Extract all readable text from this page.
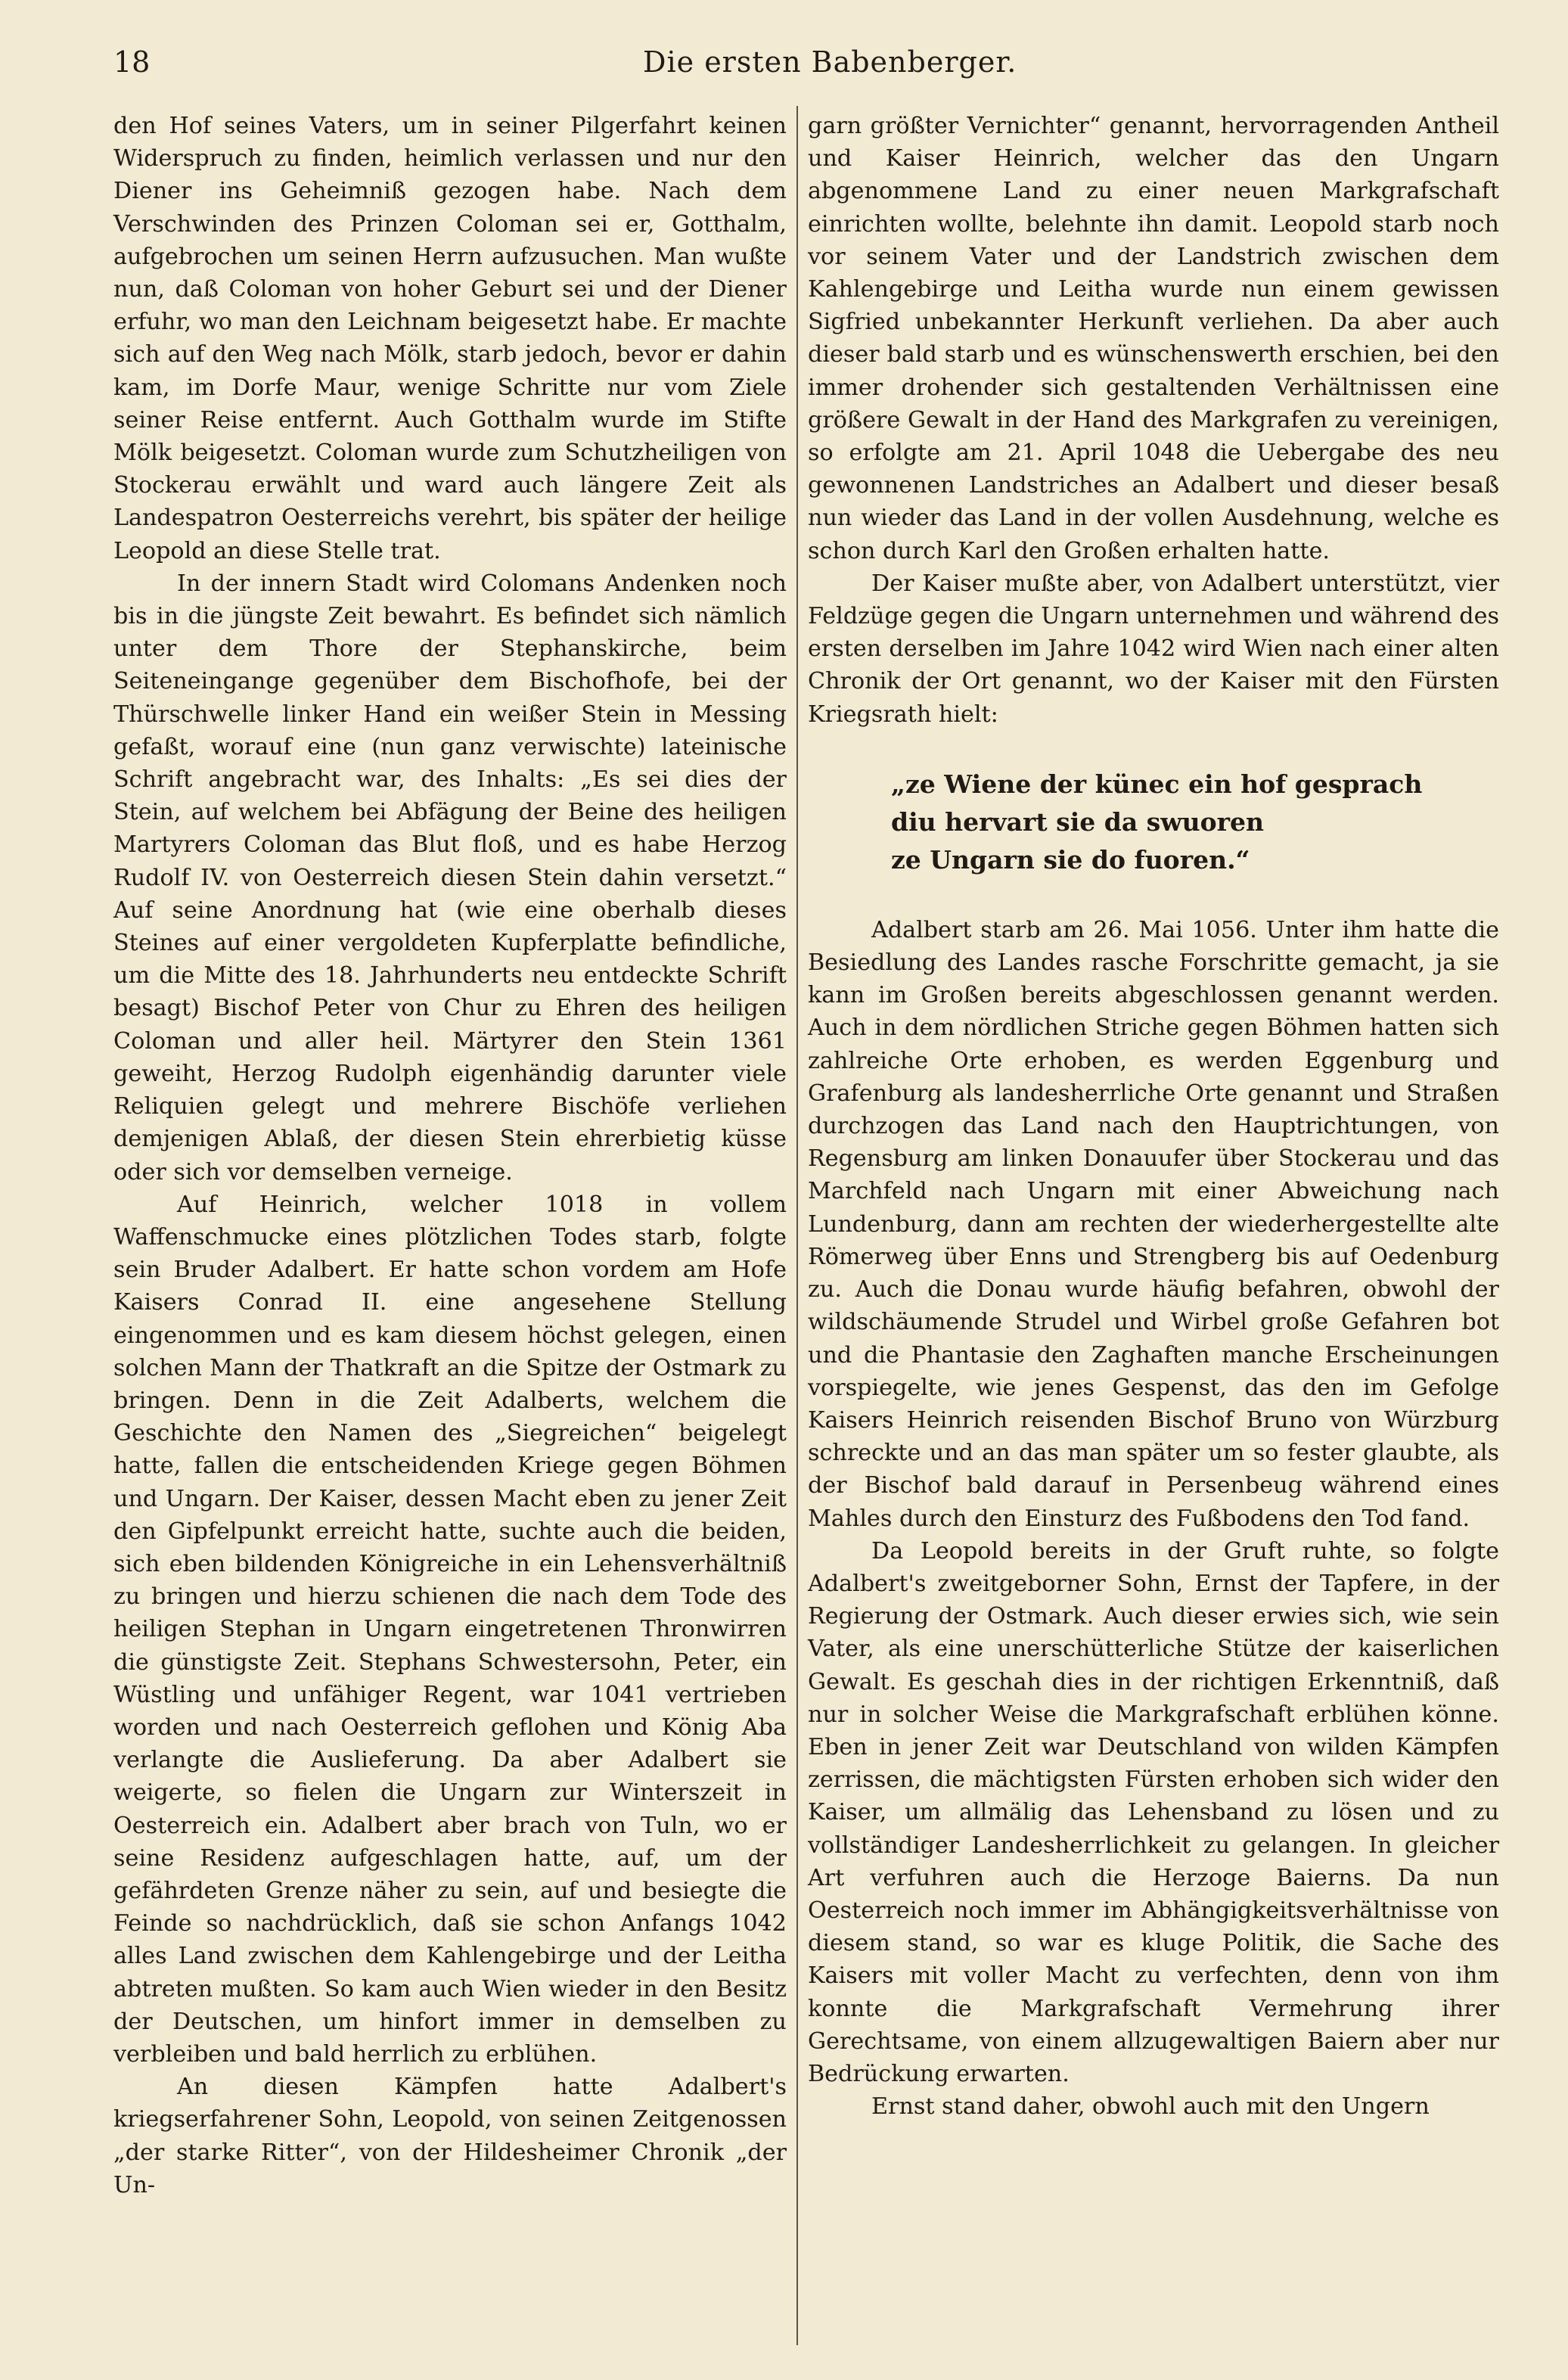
18	Die ersten Babenberger.

den Hof seines Vaters, um in seiner Pilgerfahrt keinen Widerspruch zu finden, heimlich verlassen und nur den Diener ins Geheimniß gezogen habe. Nach dem Verschwinden des Prinzen Coloman sei er, Gotthalm, aufgebrochen um seinen Herrn aufzusuchen. Man wußte nun, daß Coloman von hoher Geburt sei und der Diener erfuhr, wo man den Leichnam beigesetzt habe. Er machte sich auf den Weg nach Mölk, starb jedoch, bevor er dahin kam, im Dorfe Maur, wenige Schritte nur vom Ziele seiner Reise entfernt. Auch Gotthalm wurde im Stifte Mölk beigesetzt. Coloman wurde zum Schutzheiligen von Stockerau erwählt und ward auch längere Zeit als Landespatron Oesterreichs verehrt, bis später der heilige Leopold an diese Stelle trat.

In der innern Stadt wird Colomans Andenken noch bis in die jüngste Zeit bewahrt. Es befindet sich nämlich unter dem Thore der Stephanskirche, beim Seiteneingange gegenüber dem Bischofhofe, bei der Thürschwelle linker Hand ein weißer Stein in Messing gefaßt, worauf eine (nun ganz verwischte) lateinische Schrift angebracht war, des Inhalts: „Es sei dies der Stein, auf welchem bei Abfägung der Beine des heiligen Martyrers Coloman das Blut floß, und es habe Herzog Rudolf IV. von Oesterreich diesen Stein dahin versetzt.“ Auf seine Anordnung hat (wie eine oberhalb dieses Steines auf einer vergoldeten Kupferplatte befindliche, um die Mitte des 18. Jahrhunderts neu entdeckte Schrift besagt) Bischof Peter von Chur zu Ehren des heiligen Coloman und aller heil. Märtyrer den Stein 1361 geweiht, Herzog Rudolph eigenhändig darunter viele Reliquien gelegt und mehrere Bischöfe verliehen demjenigen Ablaß, der diesen Stein ehrerbietig küsse oder sich vor demselben verneige.

Auf Heinrich, welcher 1018 in vollem Waffenschmucke eines plötzlichen Todes starb, folgte sein Bruder Adalbert. Er hatte schon vordem am Hofe Kaisers Conrad II. eine angesehene Stellung eingenommen und es kam diesem höchst gelegen, einen solchen Mann der Thatkraft an die Spitze der Ostmark zu bringen. Denn in die Zeit Adalberts, welchem die Geschichte den Namen des „Siegreichen“ beigelegt hatte, fallen die entscheidenden Kriege gegen Böhmen und Ungarn. Der Kaiser, dessen Macht eben zu jener Zeit den Gipfelpunkt erreicht hatte, suchte auch die beiden, sich eben bildenden Königreiche in ein Lehensverhältniß zu bringen und hierzu schienen die nach dem Tode des heiligen Stephan in Ungarn eingetretenen Thronwirren die günstigste Zeit. Stephans Schwestersohn, Peter, ein Wüstling und unfähiger Regent, war 1041 vertrieben worden und nach Oesterreich geflohen und König Aba verlangte die Auslieferung. Da aber Adalbert sie weigerte, so fielen die Ungarn zur Winterszeit in Oesterreich ein. Adalbert aber brach von Tuln, wo er seine Residenz aufgeschlagen hatte, auf, um der gefährdeten Grenze näher zu sein, auf und besiegte die Feinde so nachdrücklich, daß sie schon Anfangs 1042 alles Land zwischen dem Kahlengebirge und der Leitha abtreten mußten. So kam auch Wien wieder in den Besitz der Deutschen, um hinfort immer in demselben zu verbleiben und bald herrlich zu erblühen.

An diesen Kämpfen hatte Adalbert's kriegserfahrener Sohn, Leopold, von seinen Zeitgenossen „der starke Ritter“, von der Hildesheimer Chronik „der Un-

garn größter Vernichter“ genannt, hervorragenden Antheil und Kaiser Heinrich, welcher das den Ungarn abgenommene Land zu einer neuen Markgrafschaft einrichten wollte, belehnte ihn damit. Leopold starb noch vor seinem Vater und der Landstrich zwischen dem Kahlengebirge und Leitha wurde nun einem gewissen Sigfried unbekannter Herkunft verliehen. Da aber auch dieser bald starb und es wünschenswerth erschien, bei den immer drohender sich gestaltenden Verhältnissen eine größere Gewalt in der Hand des Markgrafen zu vereinigen, so erfolgte am 21. April 1048 die Uebergabe des neu gewonnenen Landstriches an Adalbert und dieser besaß nun wieder das Land in der vollen Ausdehnung, welche es schon durch Karl den Großen erhalten hatte.

Der Kaiser mußte aber, von Adalbert unterstützt, vier Feldzüge gegen die Ungarn unternehmen und während des ersten derselben im Jahre 1042 wird Wien nach einer alten Chronik der Ort genannt, wo der Kaiser mit den Fürsten Kriegsrath hielt:

„ze Wiene der künec ein hof gesprach
diu hervart sie da swuoren
ze Ungarn sie do fuoren.“

Adalbert starb am 26. Mai 1056. Unter ihm hatte die Besiedlung des Landes rasche Forschritte gemacht, ja sie kann im Großen bereits abgeschlossen genannt werden. Auch in dem nördlichen Striche gegen Böhmen hatten sich zahlreiche Orte erhoben, es werden Eggenburg und Grafenburg als landesherrliche Orte genannt und Straßen durchzogen das Land nach den Hauptrichtungen, von Regensburg am linken Donauufer über Stockerau und das Marchfeld nach Ungarn mit einer Abweichung nach Lundenburg, dann am rechten der wiederhergestellte alte Römerweg über Enns und Strengberg bis auf Oedenburg zu. Auch die Donau wurde häufig befahren, obwohl der wildschäumende Strudel und Wirbel große Gefahren bot und die Phantasie den Zaghaften manche Erscheinungen vorspiegelte, wie jenes Gespenst, das den im Gefolge Kaisers Heinrich reisenden Bischof Bruno von Würzburg schreckte und an das man später um so fester glaubte, als der Bischof bald darauf in Persenbeug während eines Mahles durch den Einsturz des Fußbodens den Tod fand.

Da Leopold bereits in der Gruft ruhte, so folgte Adalbert's zweitgeborner Sohn, Ernst der Tapfere, in der Regierung der Ostmark. Auch dieser erwies sich, wie sein Vater, als eine unerschütterliche Stütze der kaiserlichen Gewalt. Es geschah dies in der richtigen Erkenntniß, daß nur in solcher Weise die Markgrafschaft erblühen könne. Eben in jener Zeit war Deutschland von wilden Kämpfen zerrissen, die mächtigsten Fürsten erhoben sich wider den Kaiser, um allmälig das Lehensband zu lösen und zu vollständiger Landesherrlichkeit zu gelangen. In gleicher Art verfuhren auch die Herzoge Baierns. Da nun Oesterreich noch immer im Abhängigkeitsverhältnisse von diesem stand, so war es kluge Politik, die Sache des Kaisers mit voller Macht zu verfechten, denn von ihm konnte die Markgrafschaft Vermehrung ihrer Gerechtsame, von einem allzugewaltigen Baiern aber nur Bedrückung erwarten.

Ernst stand daher, obwohl auch mit den Ungern
